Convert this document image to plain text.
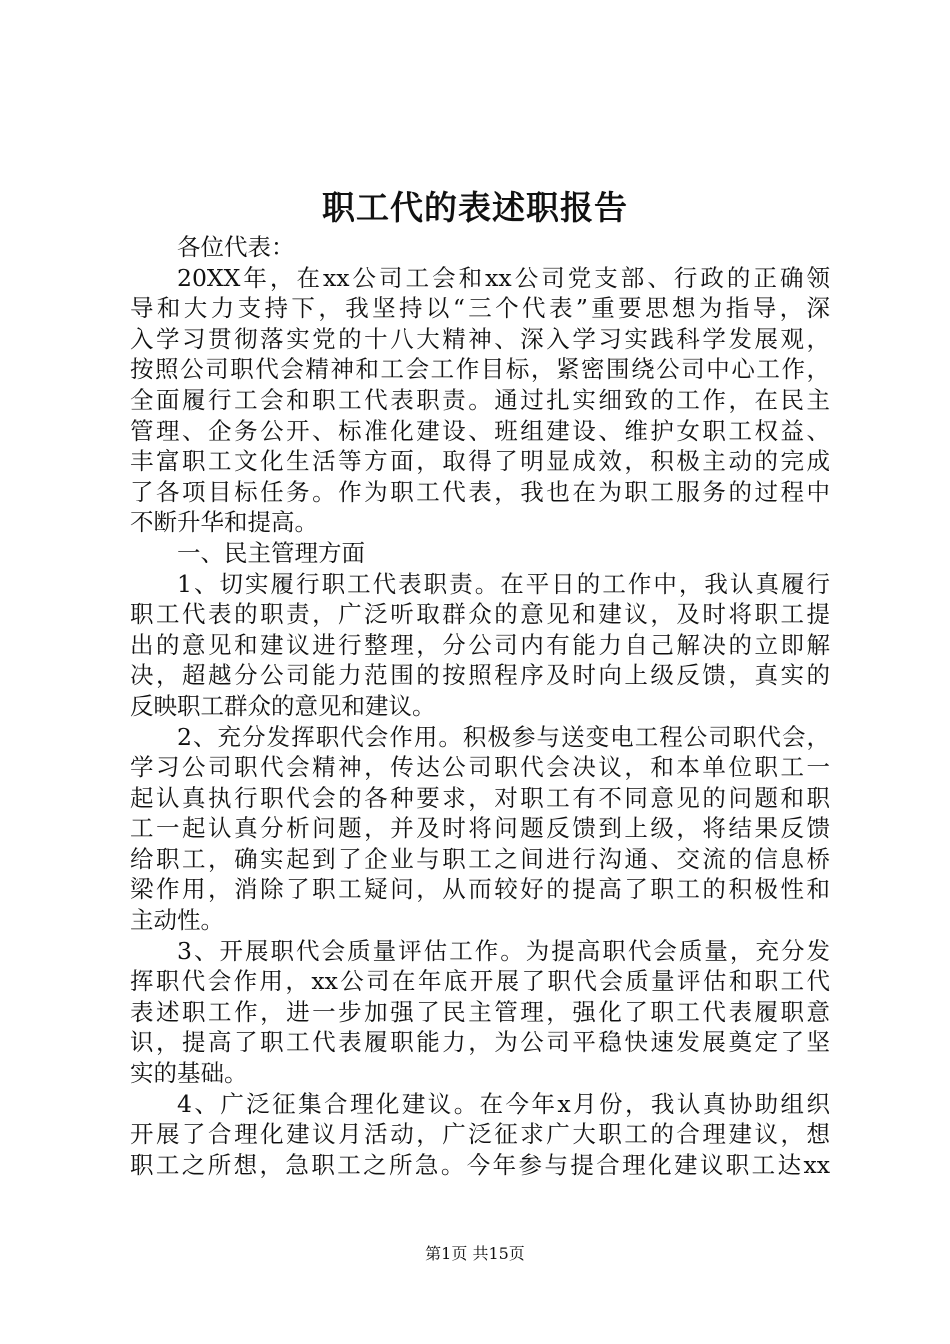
职工代的表述职报告
各位代表：
20XX年，在xx公司工会和xx公司党支部、行政的正确领
导和大力支持下，我坚持以“三个代表”重要思想为指导，深
入学习贯彻落实党的十八大精神、深入学习实践科学发展观，
按照公司职代会精神和工会工作目标，紧密围绕公司中心工作，
全面履行工会和职工代表职责。通过扎实细致的工作，在民主
管理、企务公开、标准化建设、班组建设、维护女职工权益、
丰富职工文化生活等方面，取得了明显成效，积极主动的完成
了各项目标任务。作为职工代表，我也在为职工服务的过程中
不断升华和提高。
一、民主管理方面
1、切实履行职工代表职责。在平日的工作中，我认真履行
职工代表的职责，广泛听取群众的意见和建议，及时将职工提
出的意见和建议进行整理，分公司内有能力自己解决的立即解
决，超越分公司能力范围的按照程序及时向上级反馈，真实的
反映职工群众的意见和建议。
2、充分发挥职代会作用。积极参与送变电工程公司职代会，
学习公司职代会精神，传达公司职代会决议，和本单位职工一
起认真执行职代会的各种要求，对职工有不同意见的问题和职
工一起认真分析问题，并及时将问题反馈到上级，将结果反馈
给职工，确实起到了企业与职工之间进行沟通、交流的信息桥
梁作用，消除了职工疑问，从而较好的提高了职工的积极性和
主动性。
3、开展职代会质量评估工作。为提高职代会质量，充分发
挥职代会作用，xx公司在年底开展了职代会质量评估和职工代
表述职工作，进一步加强了民主管理，强化了职工代表履职意
识，提高了职工代表履职能力，为公司平稳快速发展奠定了坚
实的基础。
4、广泛征集合理化建议。在今年x月份，我认真协助组织
开展了合理化建议月活动，广泛征求广大职工的合理建议，想
职工之所想，急职工之所急。今年参与提合理化建议职工达xx
第1页 共15页
